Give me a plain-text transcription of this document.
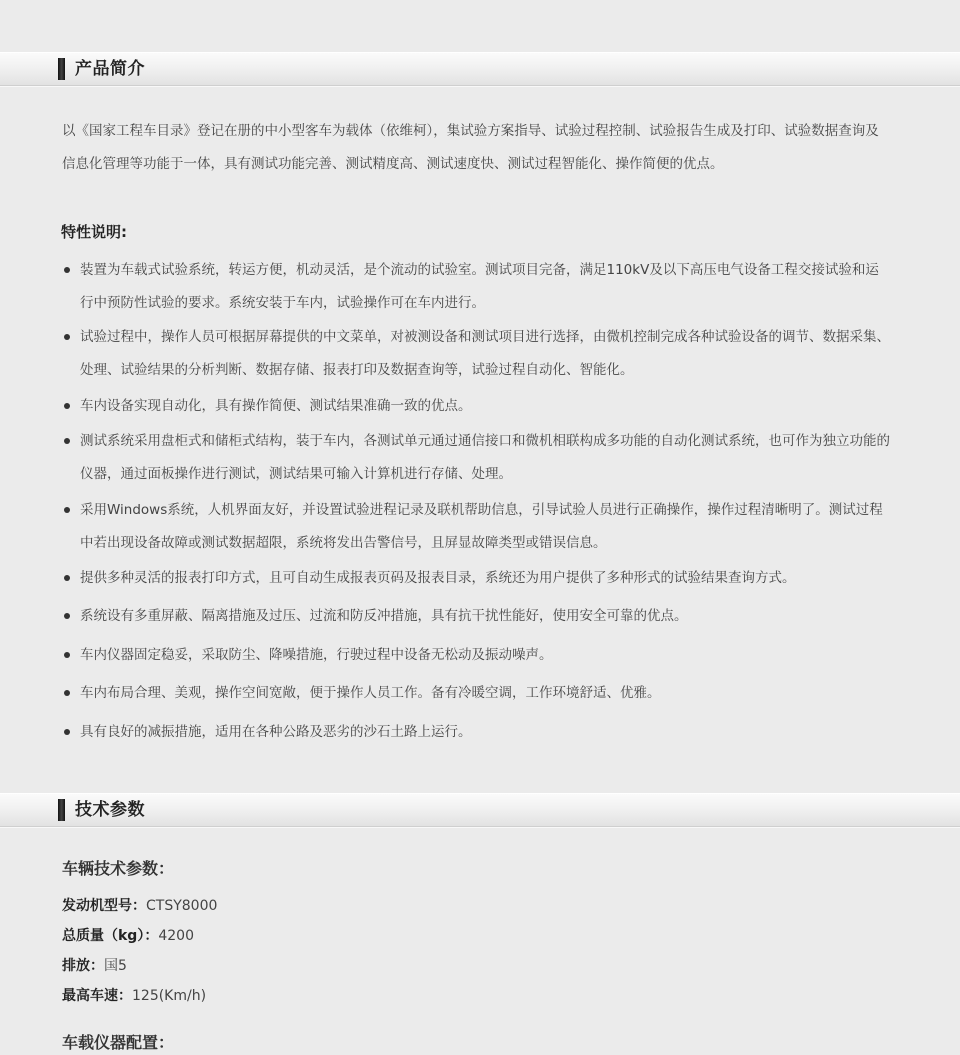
产品简介

以《国家工程车目录》登记在册的中小型客车为载体（依维柯），集试验方案指导、试验过程控制、试验报告生成及打印、试验数据查询及信息化管理等功能于一体，具有测试功能完善、测试精度高、测试速度快、测试过程智能化、操作简便的优点。

特性说明:
装置为车载式试验系统，转运方便，机动灵活，是个流动的试验室。测试项目完备，满足110kV及以下高压电气设备工程交接试验和运行中预防性试验的要求。系统安装于车内，试验操作可在车内进行。
试验过程中，操作人员可根据屏幕提供的中文菜单，对被测设备和测试项目进行选择，由微机控制完成各种试验设备的调节、数据采集、处理、试验结果的分析判断、数据存储、报表打印及数据查询等，试验过程自动化、智能化。
车内设备实现自动化，具有操作简便、测试结果准确一致的优点。
测试系统采用盘柜式和储柜式结构，装于车内，各测试单元通过通信接口和微机相联构成多功能的自动化测试系统，也可作为独立功能的仪器，通过面板操作进行测试，测试结果可输入计算机进行存储、处理。
采用Windows系统，人机界面友好，并设置试验进程记录及联机帮助信息，引导试验人员进行正确操作，操作过程清晰明了。测试过程中若出现设备故障或测试数据超限，系统将发出告警信号，且屏显故障类型或错误信息。
提供多种灵活的报表打印方式，且可自动生成报表页码及报表目录，系统还为用户提供了多种形式的试验结果查询方式。
系统设有多重屏蔽、隔离措施及过压、过流和防反冲措施，具有抗干扰性能好，使用安全可靠的优点。
车内仪器固定稳妥，采取防尘、降噪措施，行驶过程中设备无松动及振动噪声。
车内布局合理、美观，操作空间宽敞，便于操作人员工作。备有冷暖空调，工作环境舒适、优雅。
具有良好的减振措施，适用在各种公路及恶劣的沙石土路上运行。
技术参数
车辆技术参数：
发动机型号：CTSY8000
总质量（kg）：4200
排放：国5
最高车速：125(Km/h)
车载仪器配置：
